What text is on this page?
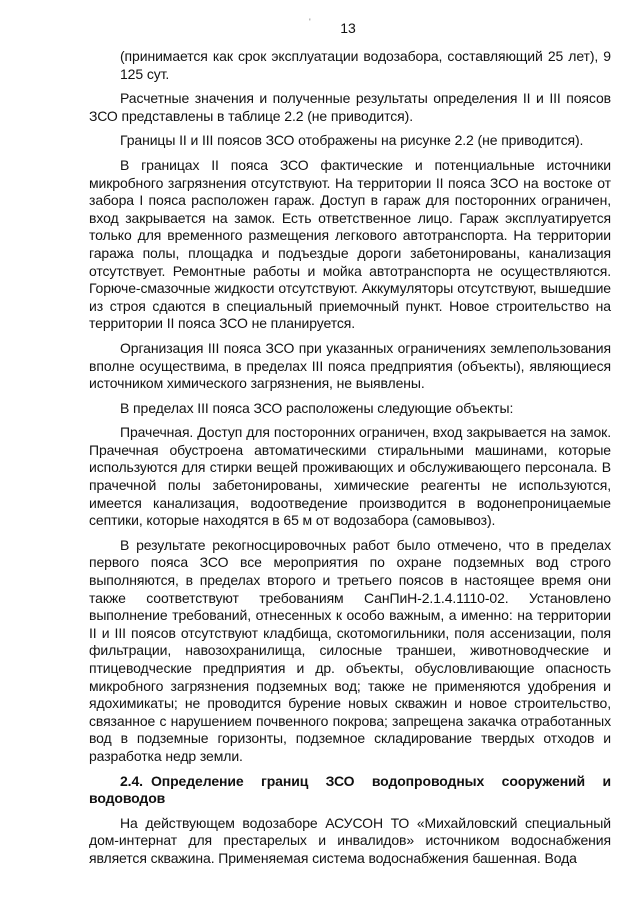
'	13

(принимается как срок эксплуатации водозабора, составляющий 25 лет), 9 125 сут.

Расчетные значения и полученные результаты определения II и III поясов ЗСО представлены в таблице 2.2 (не приводится).

Границы II и III поясов ЗСО отображены на рисунке 2.2 (не приводится).

В границах II пояса ЗСО фактические и потенциальные источники микробного загрязнения отсутствуют. На территории II пояса ЗСО на востоке от забора I пояса расположен гараж. Доступ в гараж для посторонних ограничен, вход закрывается на замок. Есть ответственное лицо. Гараж эксплуатируется только для временного размещения легкового автотранспорта. На территории гаража полы, площадка и подъездые дороги забетонированы, канализация отсутствует. Ремонтные работы и мойка автотранспорта не осуществляются. Горюче-смазочные жидкости отсутствуют. Аккумуляторы отсутствуют, вышедшие из строя сдаются в специальный приемочный пункт. Новое строительство на территории II пояса ЗСО не планируется.

Организация III пояса ЗСО при указанных ограничениях землепользования вполне осуществима, в пределах III пояса предприятия (объекты), являющиеся источником химического загрязнения, не выявлены.

В пределах III пояса ЗСО расположены следующие объекты:

Прачечная. Доступ для посторонних ограничен, вход закрывается на замок. Прачечная обустроена автоматическими стиральными машинами, которые используются для стирки вещей проживающих и обслуживающего персонала. В прачечной полы забетонированы, химические реагенты не используются, имеется канализация, водоотведение производится в водонепроницаемые септики, которые находятся в 65 м от водозабора (самовывоз).

В результате рекогносцировочных работ было отмечено, что в пределах первого пояса ЗСО все мероприятия по охране подземных вод строго выполняются, в пределах второго и третьего поясов в настоящее время они также соответствуют требованиям СанПиН-2.1.4.1110-02. Установлено выполнение требований, отнесенных к особо важным, а именно: на территории II и III поясов отсутствуют кладбища, скотомогильники, поля ассенизации, поля фильтрации, навозохранилища, силосные траншеи, животноводческие и птицеводческие предприятия и др. объекты, обусловливающие опасность микробного загрязнения подземных вод; также не применяются удобрения и ядохимикаты; не проводится бурение новых скважин и новое строительство, связанное с нарушением почвенного покрова; запрещена закачка отработанных вод в подземные горизонты, подземное складирование твердых отходов и разработка недр земли.

2.4. Определение границ ЗСО водопроводных сооружений и водоводов

На действующем водозаборе АСУСОН ТО «Михайловский специальный дом-интернат для престарелых и инвалидов» источником водоснабжения является скважина. Применяемая система водоснабжения башенная. Вода
